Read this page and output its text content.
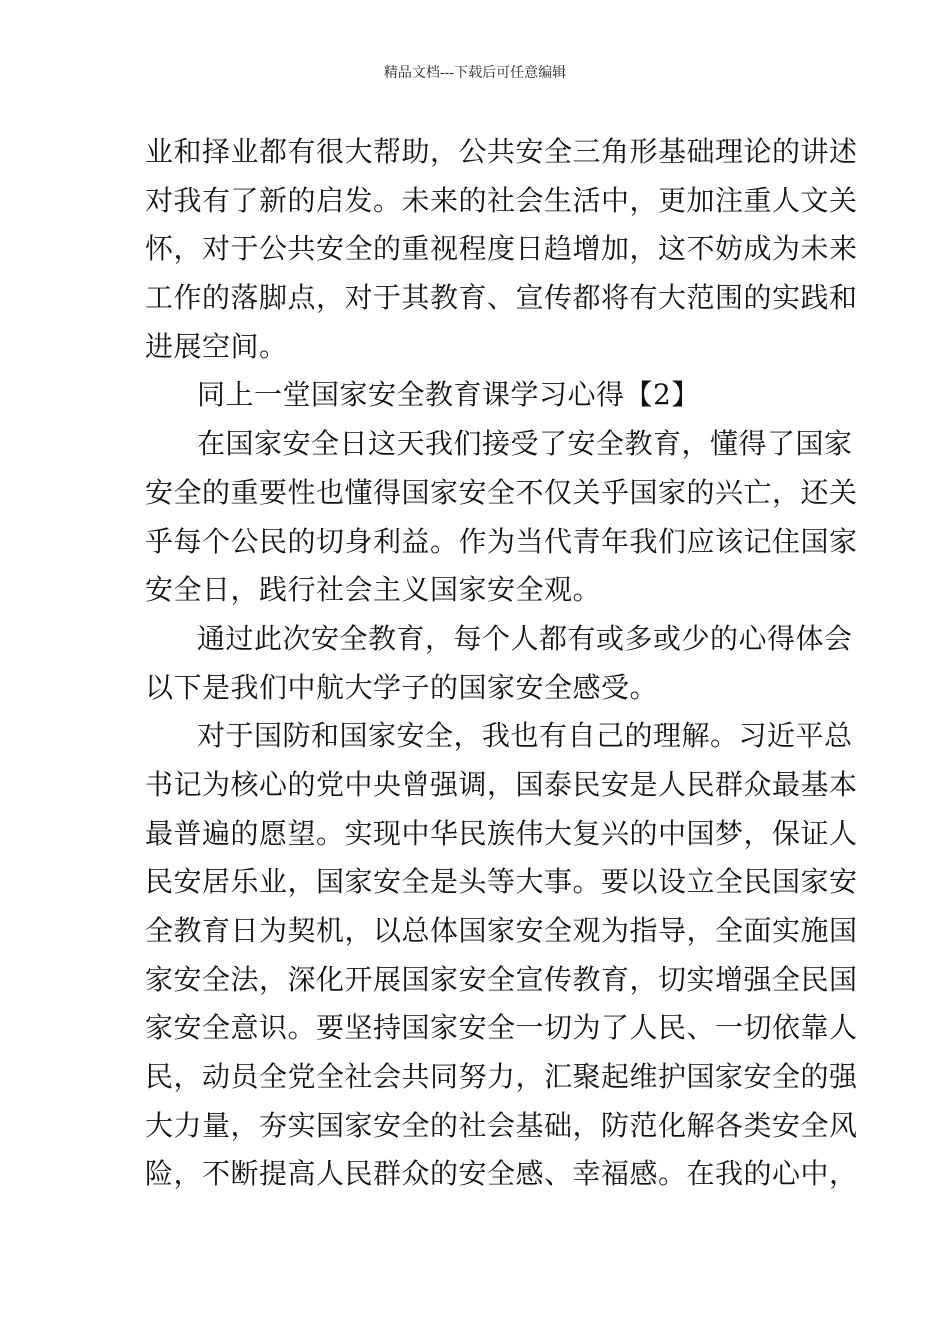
精品文档---下载后可任意编辑
业和择业都有很大帮助，公共安全三角形基础理论的讲述
对我有了新的启发。未来的社会生活中，更加注重人文关
怀，对于公共安全的重视程度日趋增加，这不妨成为未来
工作的落脚点，对于其教育、宣传都将有大范围的实践和
进展空间。
同上一堂国家安全教育课学习心得【2】
在国家安全日这天我们接受了安全教育，懂得了国家
安全的重要性也懂得国家安全不仅关乎国家的兴亡，还关
乎每个公民的切身利益。作为当代青年我们应该记住国家
安全日，践行社会主义国家安全观。
通过此次安全教育，每个人都有或多或少的心得体会
以下是我们中航大学子的国家安全感受。
对于国防和国家安全，我也有自己的理解。习近平总
书记为核心的党中央曾强调，国泰民安是人民群众最基本
最普遍的愿望。实现中华民族伟大复兴的中国梦，保证人
民安居乐业，国家安全是头等大事。要以设立全民国家安
全教育日为契机，以总体国家安全观为指导，全面实施国
家安全法，深化开展国家安全宣传教育，切实增强全民国
家安全意识。要坚持国家安全一切为了人民、一切依靠人
民，动员全党全社会共同努力，汇聚起维护国家安全的强
大力量，夯实国家安全的社会基础，防范化解各类安全风
险，不断提高人民群众的安全感、幸福感。在我的心中，
